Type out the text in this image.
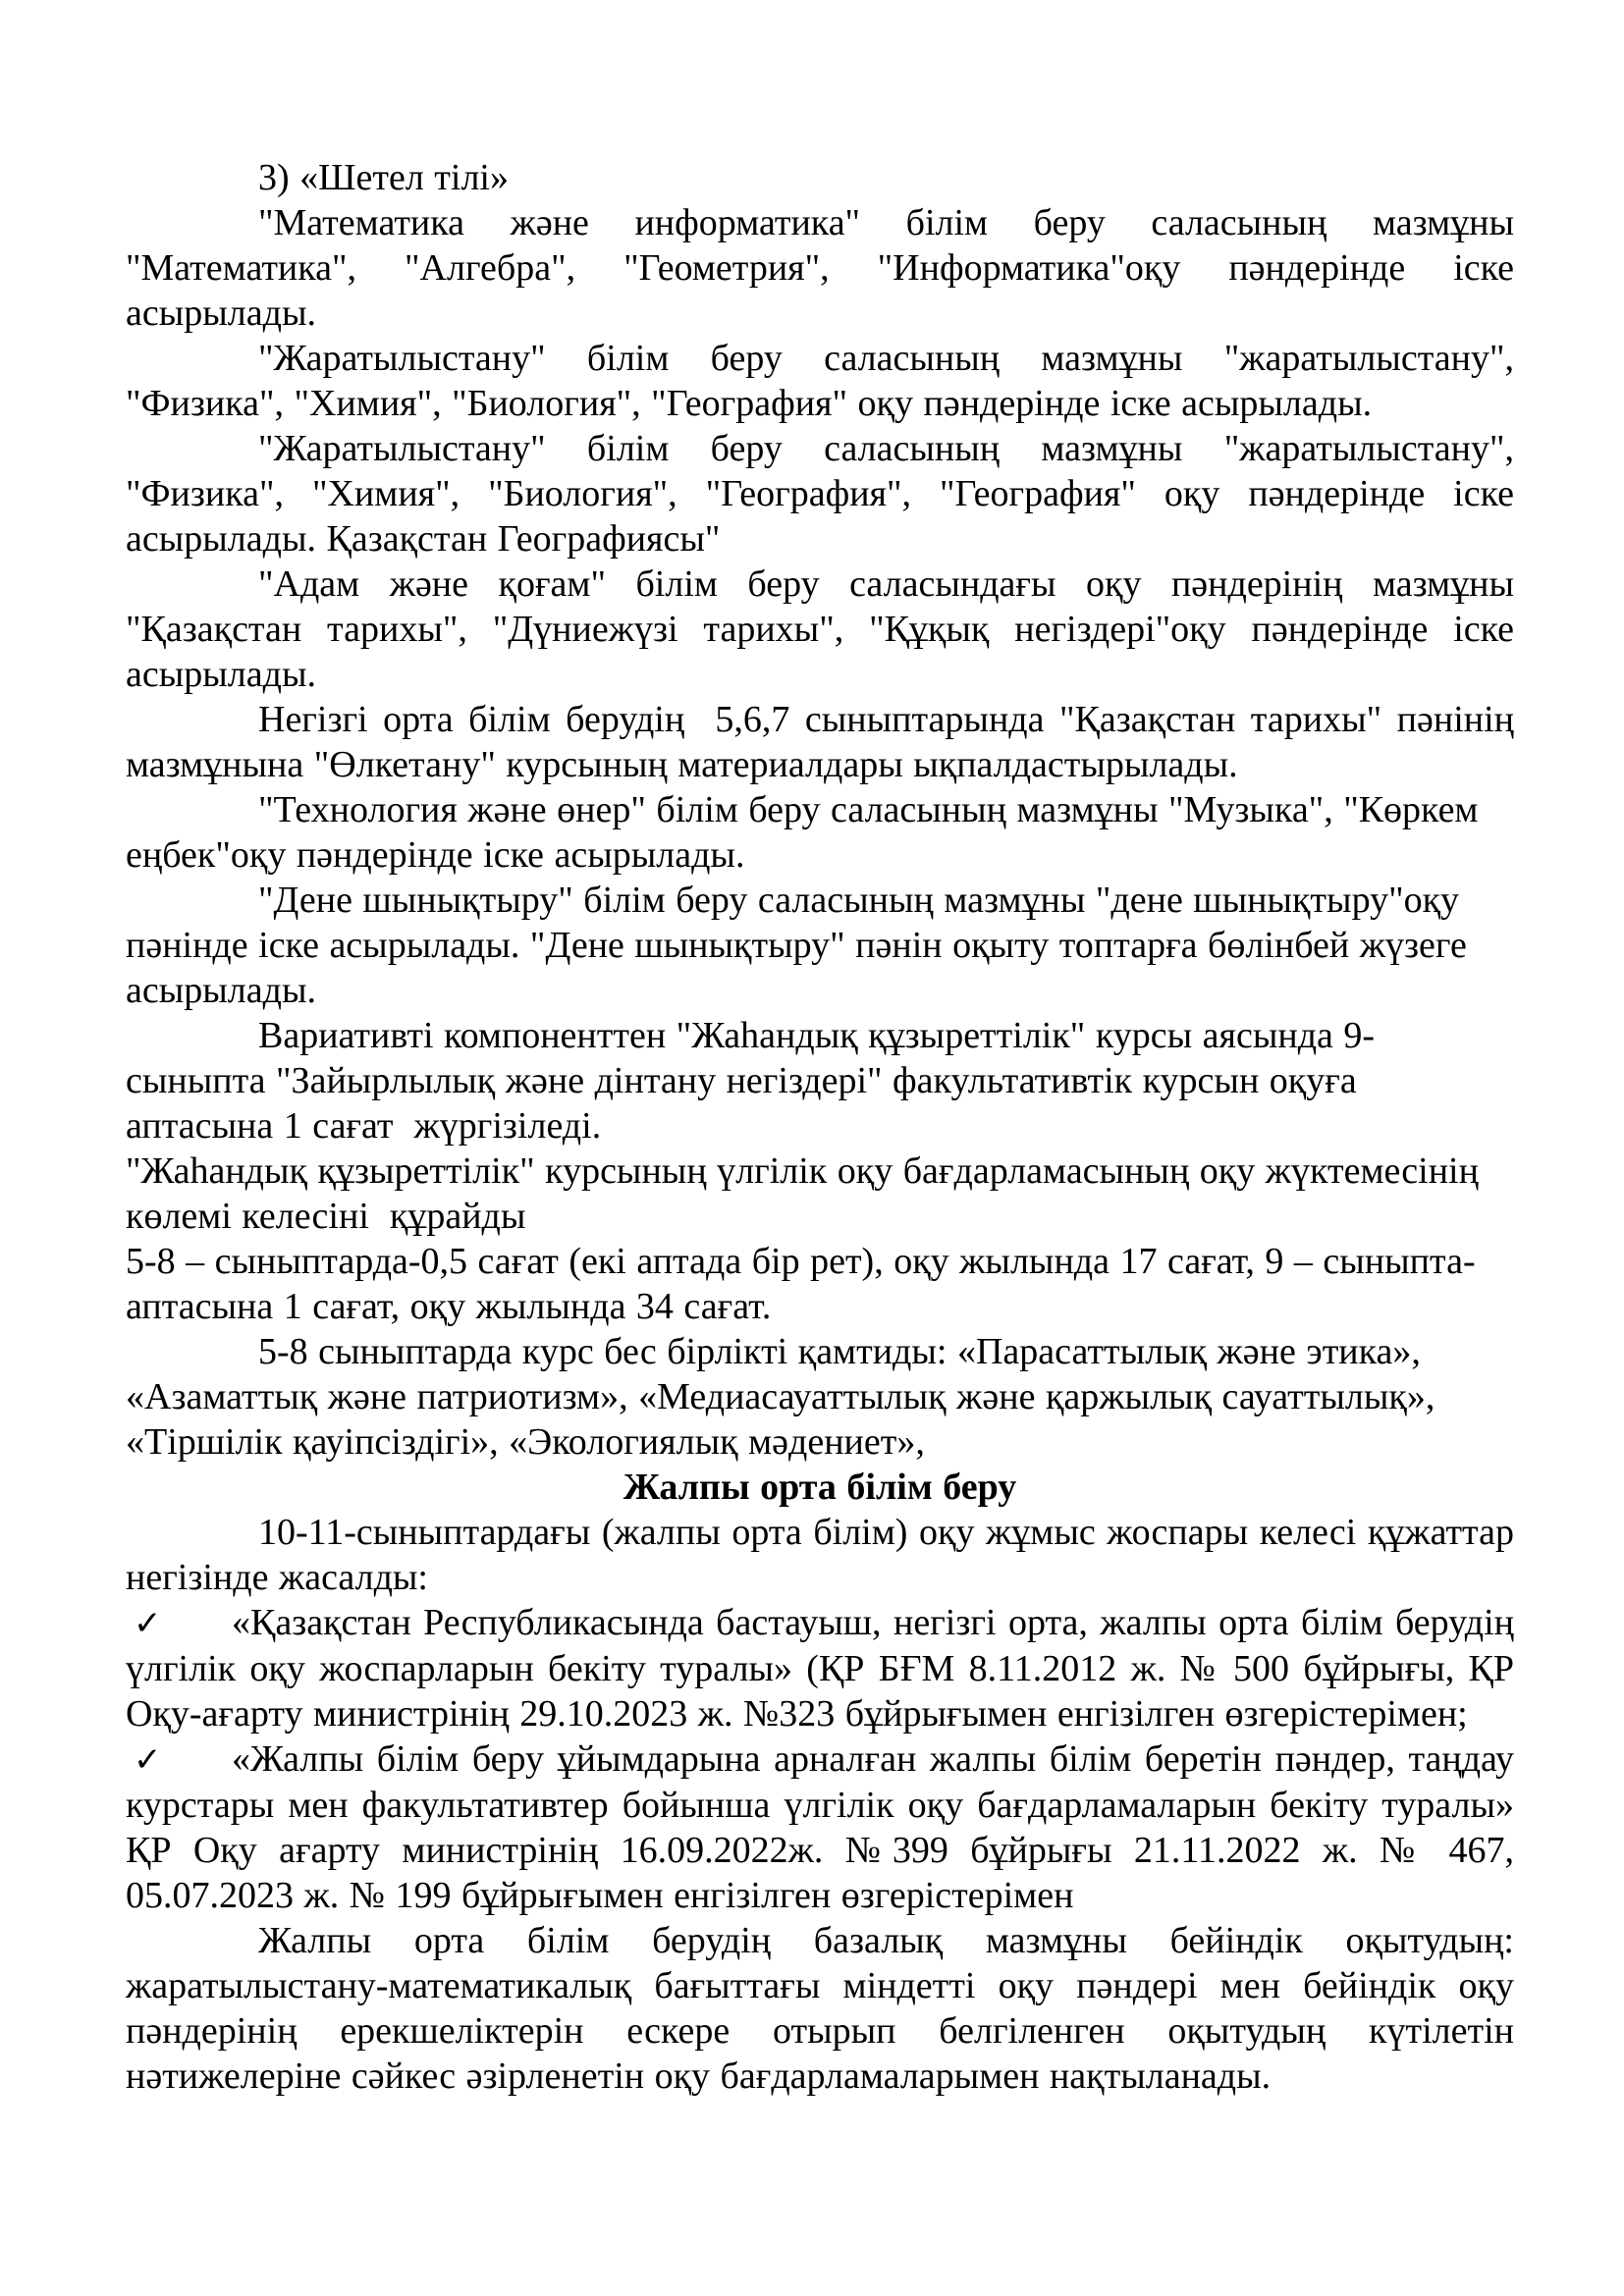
3) «Шетел тілі»

"Математика және информатика" білім беру саласының мазмұны "Математика", "Алгебра", "Геометрия", "Информатика"оқу пәндерінде іске асырылады.

"Жаратылыстану" білім беру саласының мазмұны "жаратылыстану", "Физика", "Химия", "Биология", "География" оқу пәндерінде іске асырылады.

"Жаратылыстану" білім беру саласының мазмұны "жаратылыстану", "Физика", "Химия", "Биология", "География", "География" оқу пәндерінде іске асырылады. Қазақстан Географиясы"

"Адам және қоғам" білім беру саласындағы оқу пәндерінің мазмұны "Қазақстан тарихы", "Дүниежүзі тарихы", "Құқық негіздері"оқу пәндерінде іске асырылады.

Негізгі орта білім берудің  5,6,7 сыныптарында "Қазақстан тарихы" пәнінің мазмұнына "Өлкетану" курсының материалдары ықпалдастырылады.

"Технология және өнер" білім беру саласының мазмұны "Музыка", "Көркем еңбек"оқу пәндерінде іске асырылады.

"Дене шынықтыру" білім беру саласының мазмұны "дене шынықтыру"оқу пәнінде іске асырылады. "Дене шынықтыру" пәнін оқыту топтарға бөлінбей жүзеге асырылады.

Вариативті компоненттен "Жаһандық құзыреттілік" курсы аясында 9-сыныпта "Зайырлылық және дінтану негіздері" факультативтік курсын оқуға аптасына 1 сағат  жүргізіледі.

"Жаһандық құзыреттілік" курсының үлгілік оқу бағдарламасының оқу жүктемесінің көлемі келесіні  құрайды

5-8 – сыныптарда-0,5 сағат (екі аптада бір рет), оқу жылында 17 сағат, 9 – сыныпта-аптасына 1 сағат, оқу жылында 34 сағат.

5-8 сыныптарда курс бес бірлікті қамтиды: «Парасаттылық және этика», «Азаматтық және патриотизм», «Медиасауаттылық және қаржылық сауаттылық», «Тіршілік қауіпсіздігі», «Экологиялық мәдениет»,

Жалпы орта білім беру

10-11-сыныптардағы (жалпы орта білім) оқу жұмыс жоспары келесі құжаттар негізінде жасалды:

✓ «Қазақстан Республикасында бастауыш, негізгі орта, жалпы орта білім берудің үлгілік оқу жоспарларын бекіту туралы» (ҚР БҒМ 8.11.2012 ж. № 500 бұйрығы, ҚР Оқу-ағарту министрінің 29.10.2023 ж. №323 бұйрығымен енгізілген өзгерістерімен;

✓ «Жалпы білім беру ұйымдарына арналған жалпы білім беретін пәндер, таңдау курстары мен факультативтер бойынша үлгілік оқу бағдарламаларын бекіту туралы» ҚР Оқу ағарту министрінің 16.09.2022ж. №399 бұйрығы 21.11.2022 ж. № 467, 05.07.2023 ж. № 199 бұйрығымен енгізілген өзгерістерімен

Жалпы орта білім берудің базалық мазмұны бейіндік оқытудың: жаратылыстану-математикалық бағыттағы міндетті оқу пәндері мен бейіндік оқу пәндерінің ерекшеліктерін ескере отырып белгіленген оқытудың күтілетін нәтижелеріне сәйкес әзірленетін оқу бағдарламаларымен нақтыланады.
